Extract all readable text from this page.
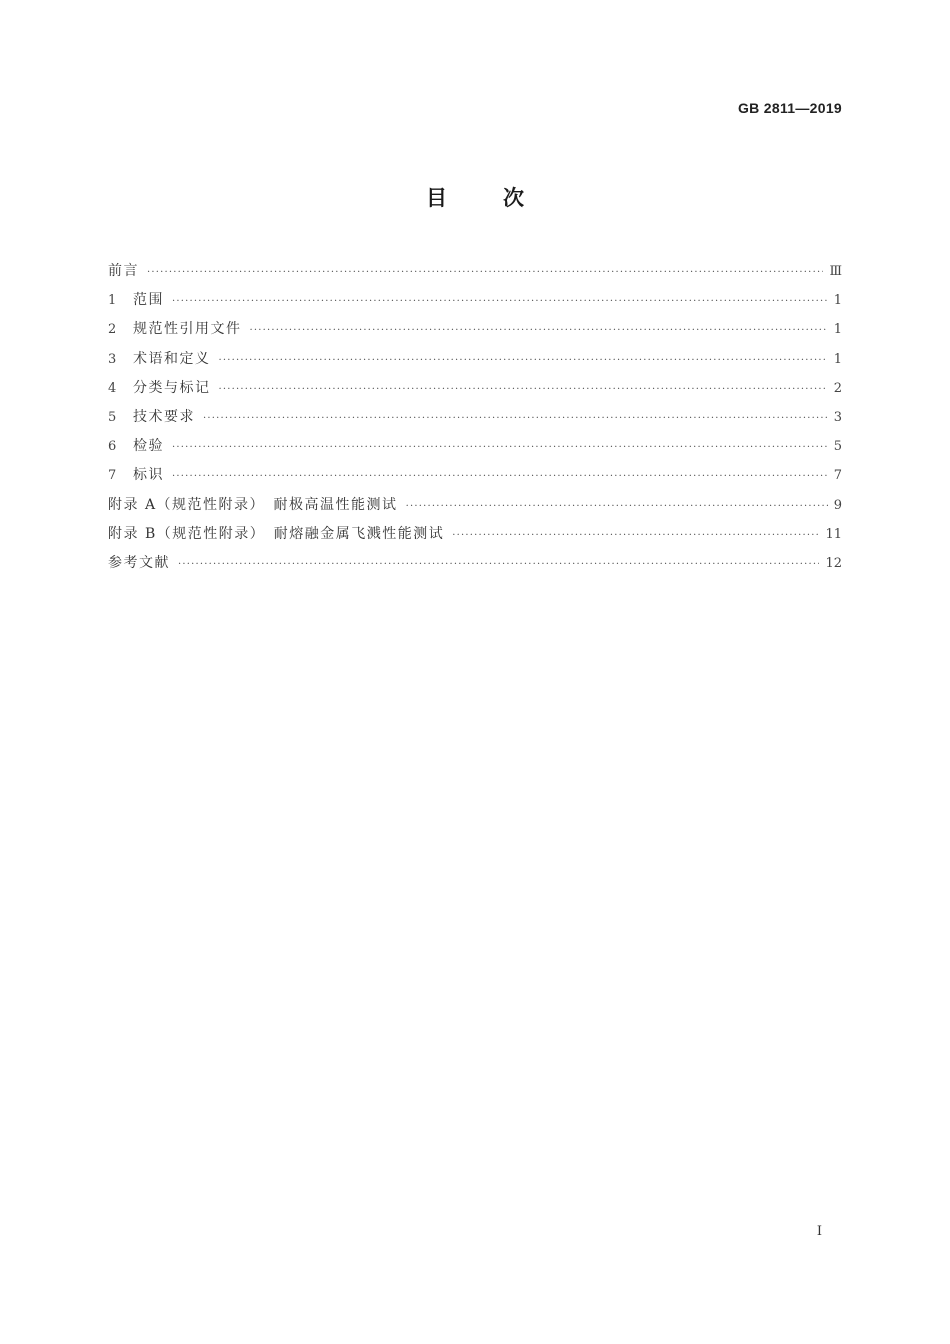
GB 2811—2019
目	次
前言 ·····	Ⅲ
1	范围 ·····	1
2	规范性引用文件 ·····	1
3	术语和定义 ·····	1
4	分类与标记 ·····	2
5	技术要求 ·····	3
6	检验 ·····	5
7	标识 ·····	7
附录 A（规范性附录）　耐极高温性能测试 ·····	9
附录 B（规范性附录）　耐熔融金属飞溅性能测试 ·····	11
参考文献 ·····	12
I
